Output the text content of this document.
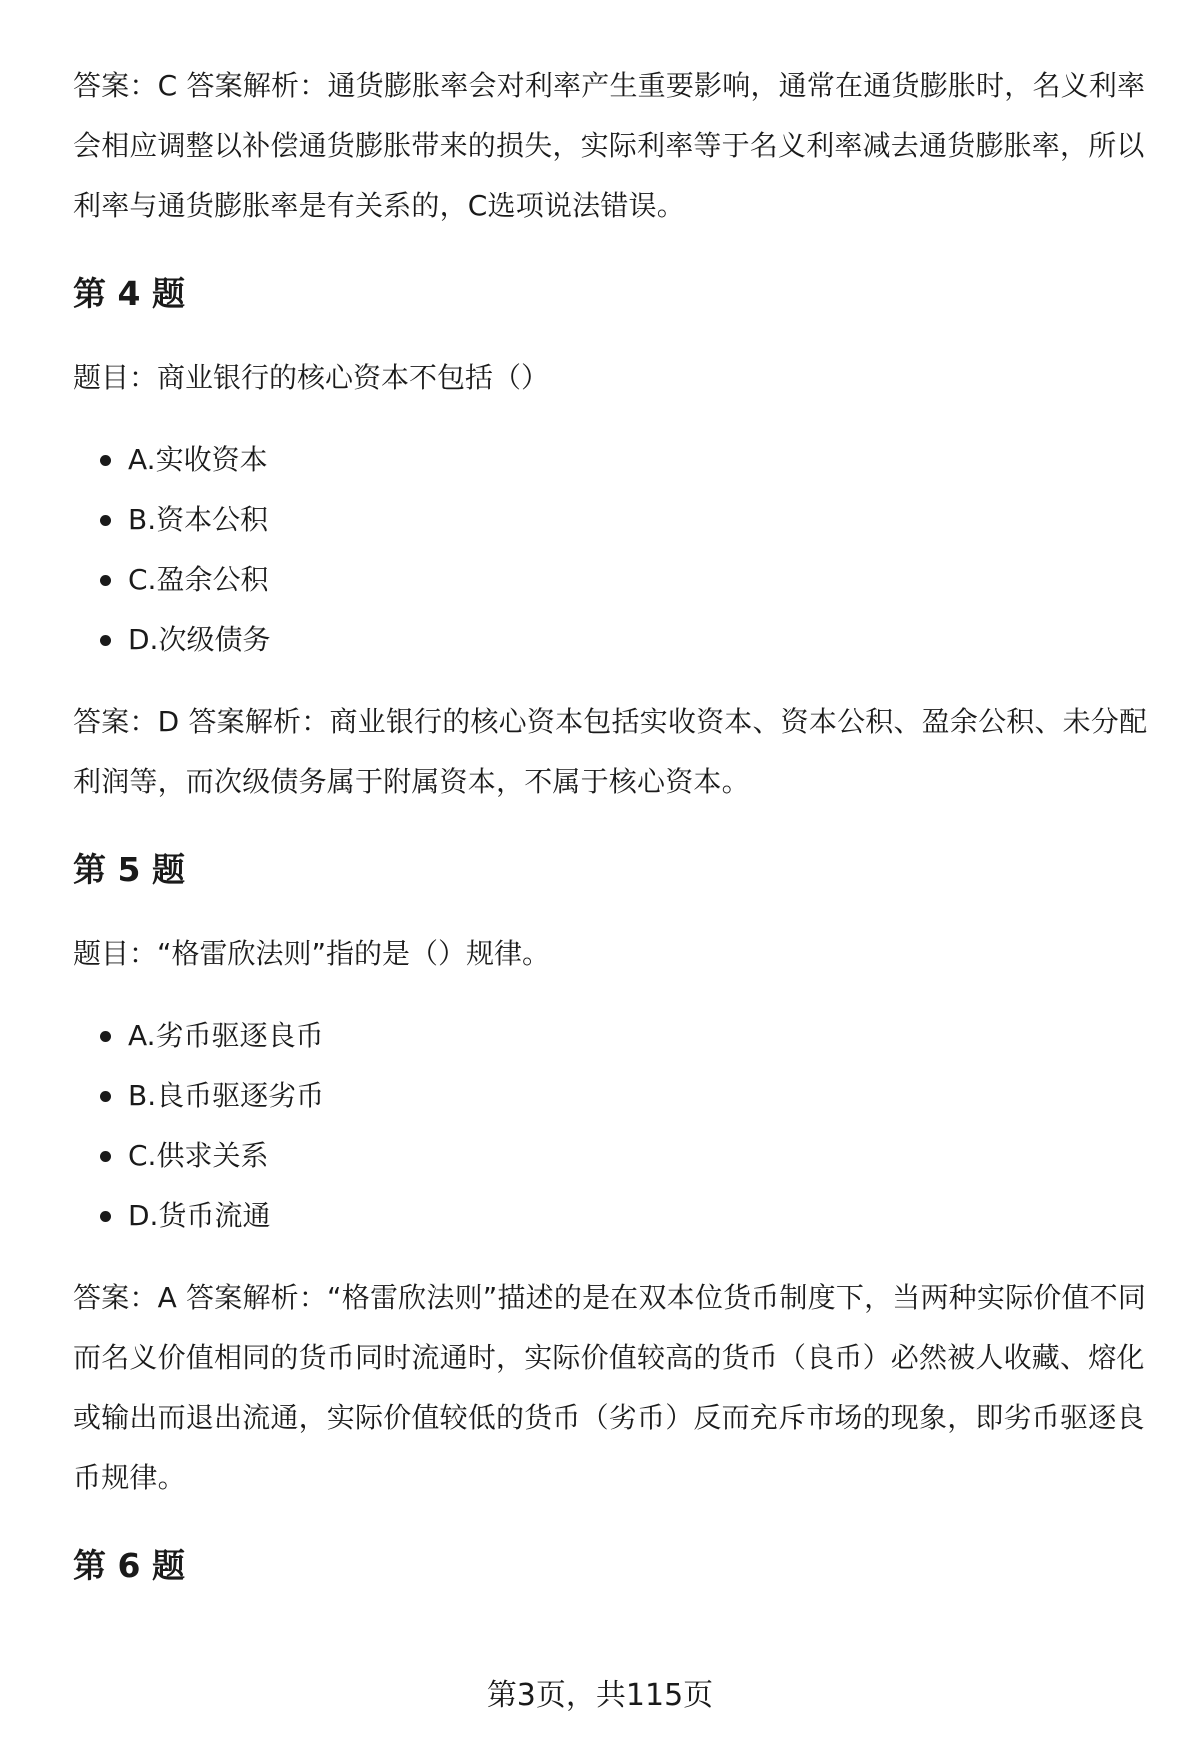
答案：C 答案解析：通货膨胀率会对利率产生重要影响，通常在通货膨胀时，名义利率会相应调整以补偿通货膨胀带来的损失，实际利率等于名义利率减去通货膨胀率，所以利率与通货膨胀率是有关系的，C选项说法错误。

第 4 题

题目：商业银行的核心资本不包括（）

A.实收资本
B.资本公积
C.盈余公积
D.次级债务

答案：D 答案解析：商业银行的核心资本包括实收资本、资本公积、盈余公积、未分配利润等，而次级债务属于附属资本，不属于核心资本。

第 5 题

题目：“格雷欣法则”指的是（）规律。

A.劣币驱逐良币
B.良币驱逐劣币
C.供求关系
D.货币流通

答案：A 答案解析：“格雷欣法则”描述的是在双本位货币制度下，当两种实际价值不同而名义价值相同的货币同时流通时，实际价值较高的货币（良币）必然被人收藏、熔化或输出而退出流通，实际价值较低的货币（劣币）反而充斥市场的现象，即劣币驱逐良币规律。

第 6 题
第3页，共115页
